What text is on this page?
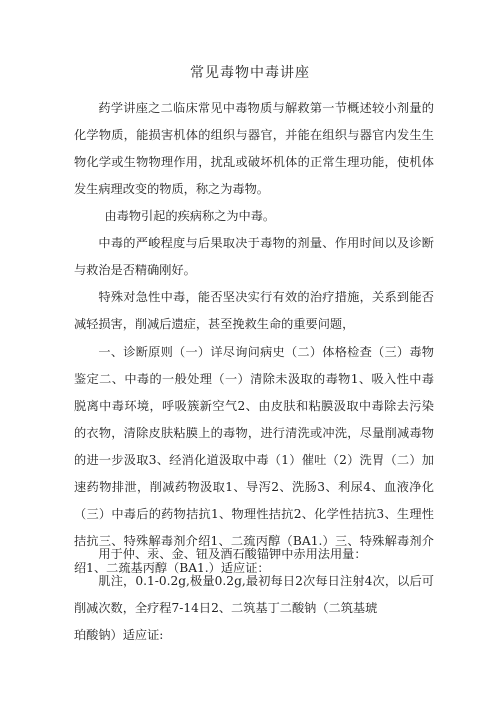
常见毒物中毒讲座

药学讲座之二临床常见中毒物质与解救第一节概述较小剂量的化学物质，能损害机体的组织与器官，并能在组织与器官内发生生物化学或生物物理作用，扰乱或破坏机体的正常生理功能，使机体发生病理改变的物质，称之为毒物。

由毒物引起的疾病称之为中毒。

中毒的严峻程度与后果取决于毒物的剂量、作用时间以及诊断与救治是否精确刚好。

特殊对急性中毒，能否坚决实行有效的治疗措施，关系到能否减轻损害，削减后遗症，甚至挽救生命的重要问题，

一、诊断原则（一）详尽询问病史（二）体格检查（三）毒物鉴定二、中毒的一般处理（一）清除未汲取的毒物1、吸入性中毒脱离中毒环境，呼吸簇新空气2、由皮肤和粘膜汲取中毒除去污染的衣物，清除皮肤粘膜上的毒物，进行清洗或冲洗，尽量削减毒物的进一步汲取3、经消化道汲取中毒（1）催吐（2）洗胃（二）加速药物排泄，削减药物汲取1、导泻2、洗肠3、利尿4、血液净化（三）中毒后的药物拮抗1、物理性拮抗2、化学性拮抗3、生理性拮抗三、特殊解毒剂介绍1、二巯丙醇（BA1.）三、特殊解毒剂介绍1、二巯基丙醇（BA1.）适应证：

用于仲、汞、金、钮及酒石酸锚钾中赤用法用量：

肌注，0.1-0.2g,极量0.2g,最初每日2次每日注射4次，以后可削减次数，全疗程7-14日2、二筑基丁二酸钠（二筑基琥

珀酸钠）适应证:
